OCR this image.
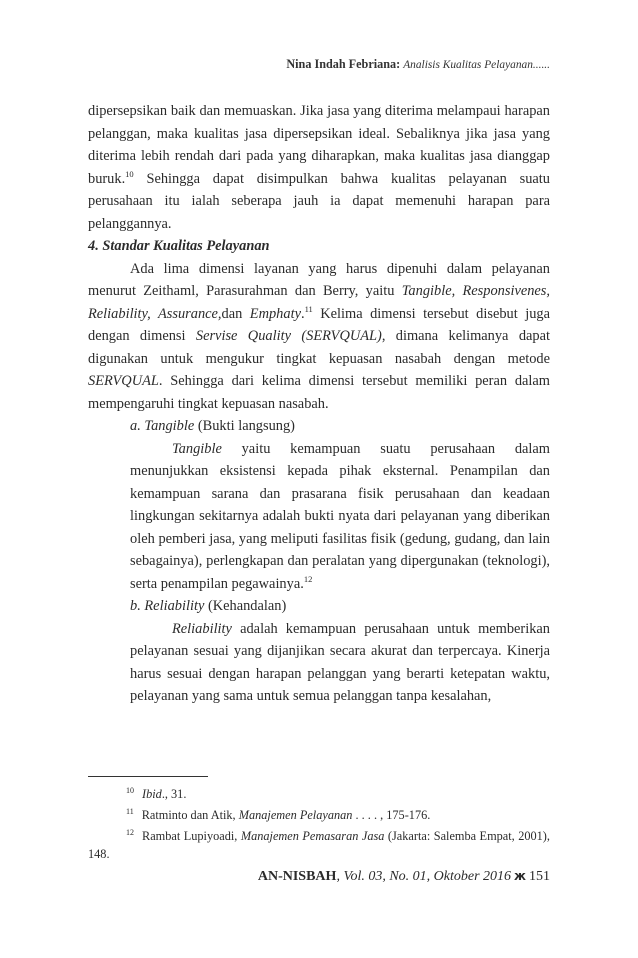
Nina Indah Febriana: Analisis Kualitas Pelayanan......

dipersepsikan baik dan memuaskan. Jika jasa yang diterima melampaui harapan pelanggan, maka kualitas jasa dipersepsikan ideal. Sebaliknya jika jasa yang diterima lebih rendah dari pada yang diharapkan, maka kualitas jasa dianggap buruk.$^{10}$ Sehingga dapat disimpulkan bahwa kualitas pelayanan suatu perusahaan itu ialah seberapa jauh ia dapat memenuhi harapan para pelanggannya.

4. Standar Kualitas Pelayanan

Ada lima dimensi layanan yang harus dipenuhi dalam pelayanan menurut Zeithaml, Parasurahman dan Berry, yaitu Tangible, Responsivenes, Reliability, Assurance,dan Emphaty.$^{11}$ Kelima dimensi tersebut disebut juga dengan dimensi Servise Quality (SERVQUAL), dimana kelimanya dapat digunakan untuk mengukur tingkat kepuasan nasabah dengan metode SERVQUAL. Sehingga dari kelima dimensi tersebut memiliki peran dalam mempengaruhi tingkat kepuasan nasabah.

a. Tangible (Bukti langsung)

Tangible yaitu kemampuan suatu perusahaan dalam menunjukkan eksistensi kepada pihak eksternal. Penampilan dan kemampuan sarana dan prasarana fisik perusahaan dan keadaan lingkungan sekitarnya adalah bukti nyata dari pelayanan yang diberikan oleh pemberi jasa, yang meliputi fasilitas fisik (gedung, gudang, dan lain sebagainya), perlengkapan dan peralatan yang dipergunakan (teknologi), serta penampilan pegawainya.$^{12}$

b. Reliability (Kehandalan)

Reliability adalah kemampuan perusahaan untuk memberikan pelayanan sesuai yang dijanjikan secara akurat dan terpercaya. Kinerja harus sesuai dengan harapan pelanggan yang berarti ketepatan waktu, pelayanan yang sama untuk semua pelanggan tanpa kesalahan,

$^{10}$ Ibid., 31.

$^{11}$ Ratminto dan Atik, Manajemen Pelayanan . . . . , 175-176.

$^{12}$ Rambat Lupiyoadi, Manajemen Pemasaran Jasa (Jakarta: Salemba Empat, 2001), 148.

AN-NISBAH, Vol. 03, No. 01, Oktober 2016 ж 151
